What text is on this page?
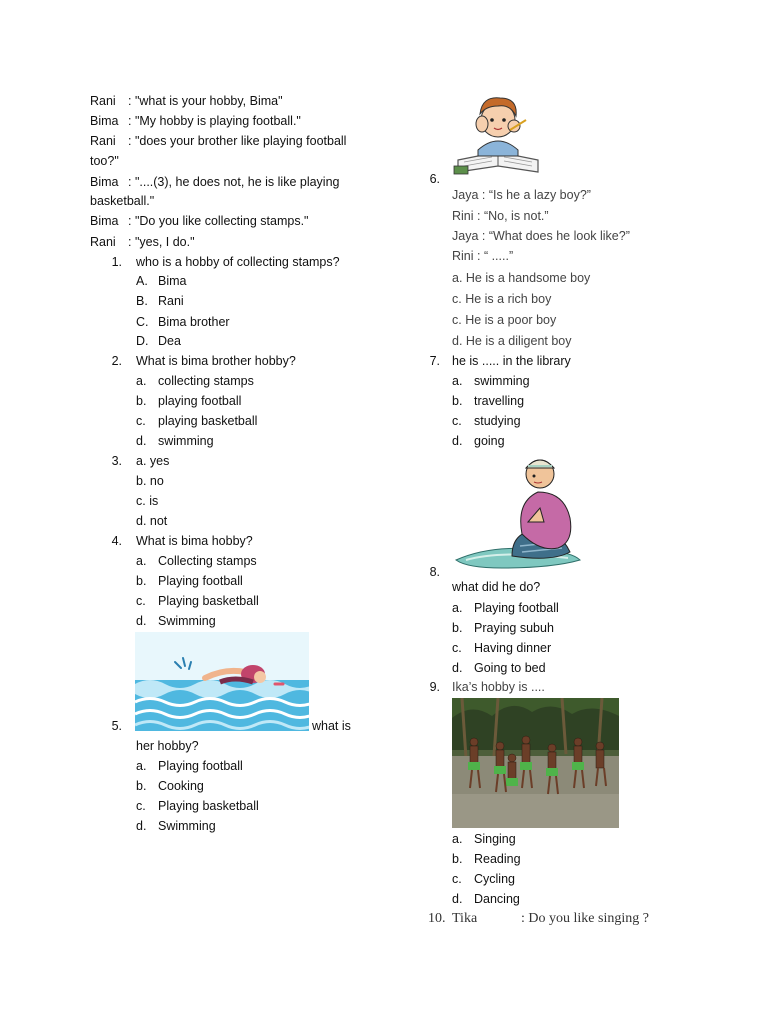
Rani : "what is your hobby, Bima"
Bima : "My hobby is playing football."
Rani : "does your brother like playing football
too?"
Bima : "....(3), he does not, he is like playing
basketball."
Bima : "Do you like collecting stamps."
Rani : "yes, I do."
1. who is a hobby of collecting stamps?
A. Bima
B. Rani
C. Bima brother
D. Dea
2. What is bima brother hobby?
a. collecting stamps
b. playing football
c. playing basketball
d. swimming
3. a. yes
b. no
c. is
d. not
4. What is bima hobby?
a. Collecting stamps
b. Playing football
c. Playing basketball
d. Swimming
5.	what is
her hobby?
a. Playing football
b. Cooking
c. Playing basketball
d. Swimming
6.
Jaya : “Is he a lazy boy?”
Rini : “No, is not.”
Jaya : “What does he look like?”
Rini : “ .....”
a. He is a handsome boy
c. He is a rich boy
c. He is a poor boy
d. He is a diligent boy
7. he is ..... in the library
a. swimming
b. travelling
c. studying
d. going
8.
what did he do?
a. Playing football
b. Praying subuh
c. Having dinner
d. Going to bed
9. Ika’s hobby is ....
a. Singing
b. Reading
c. Cycling
d. Dancing
10. Tika	: Do you like singing ?
